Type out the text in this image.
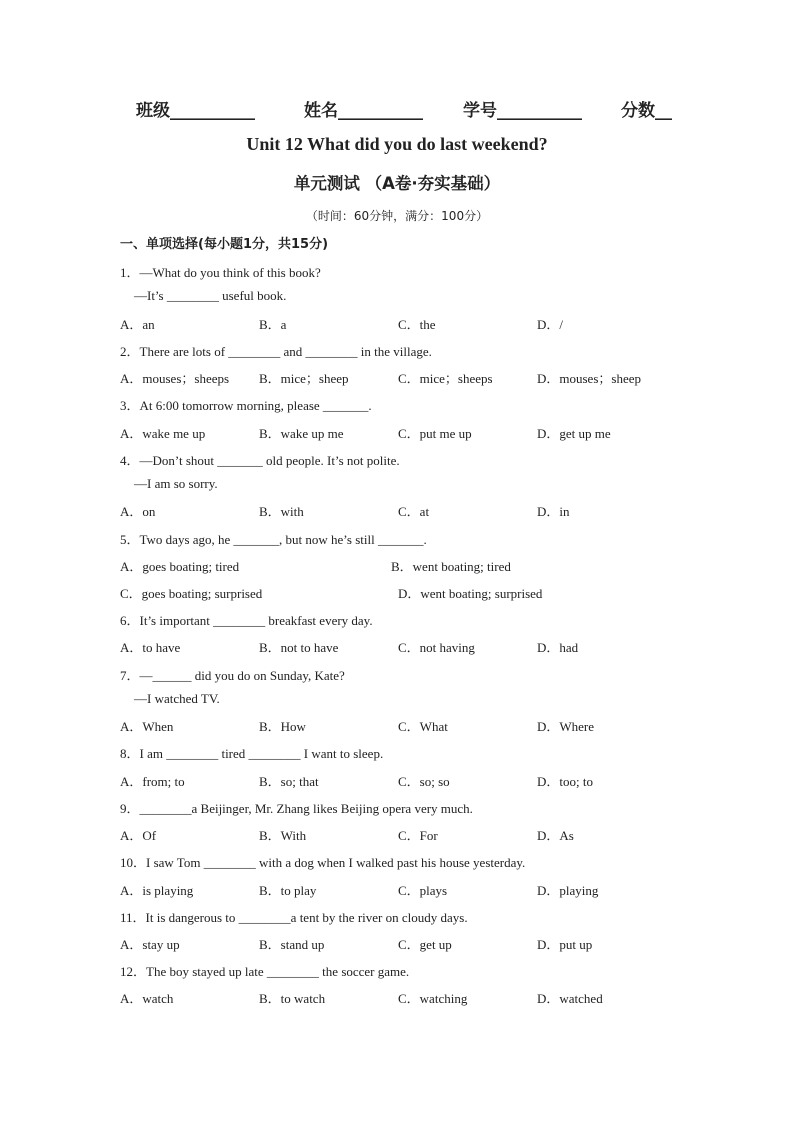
班级__________	姓名__________ 学号__________ 分数__
Unit 12 What did you do last weekend?
单元测试 （A卷·夯实基础）
（时间：60分钟，满分：100分）
一、单项选择(每小题1分，共15分)
1．—What do you think of this book?
—It’s ________ useful book.
A．an	B．a	C．the	D．/
2．There are lots of ________ and ________ in the village.
A．mouses；sheeps B．mice；sheep	C．mice；sheeps	D．mouses；sheep
3．At 6:00 tomorrow morning, please _______.
A．wake me up	B．wake up me	C．put me up	D．get up me
4．—Don’t shout _______ old people. It’s not polite.
—I am so sorry.
A．on	B．with	C．at	D．in
5．Two days ago, he _______, but now he’s still _______.
A．goes boating; tired	B．went boating; tired
C．goes boating; surprised	D．went boating; surprised
6．It’s important ________ breakfast every day.
A．to have	B．not to have	C．not having	D．had
7．—______ did you do on Sunday, Kate?
—I watched TV.
A．When	B．How	C．What	D．Where
8．I am ________ tired ________ I want to sleep.
A．from; to	B．so; that	C．so; so	D．too; to
9．________a Beijinger, Mr. Zhang likes Beijing opera very much.
A．Of	B．With	C．For	D．As
10．I saw Tom ________ with a dog when I walked past his house yesterday.
A．is playing	B．to play	C．plays	D．playing
11．It is dangerous to ________a tent by the river on cloudy days.
A．stay up	B．stand up	C．get up	D．put up
12．The boy stayed up late ________ the soccer game.
A．watch	B．to watch	C．watching	D．watched
